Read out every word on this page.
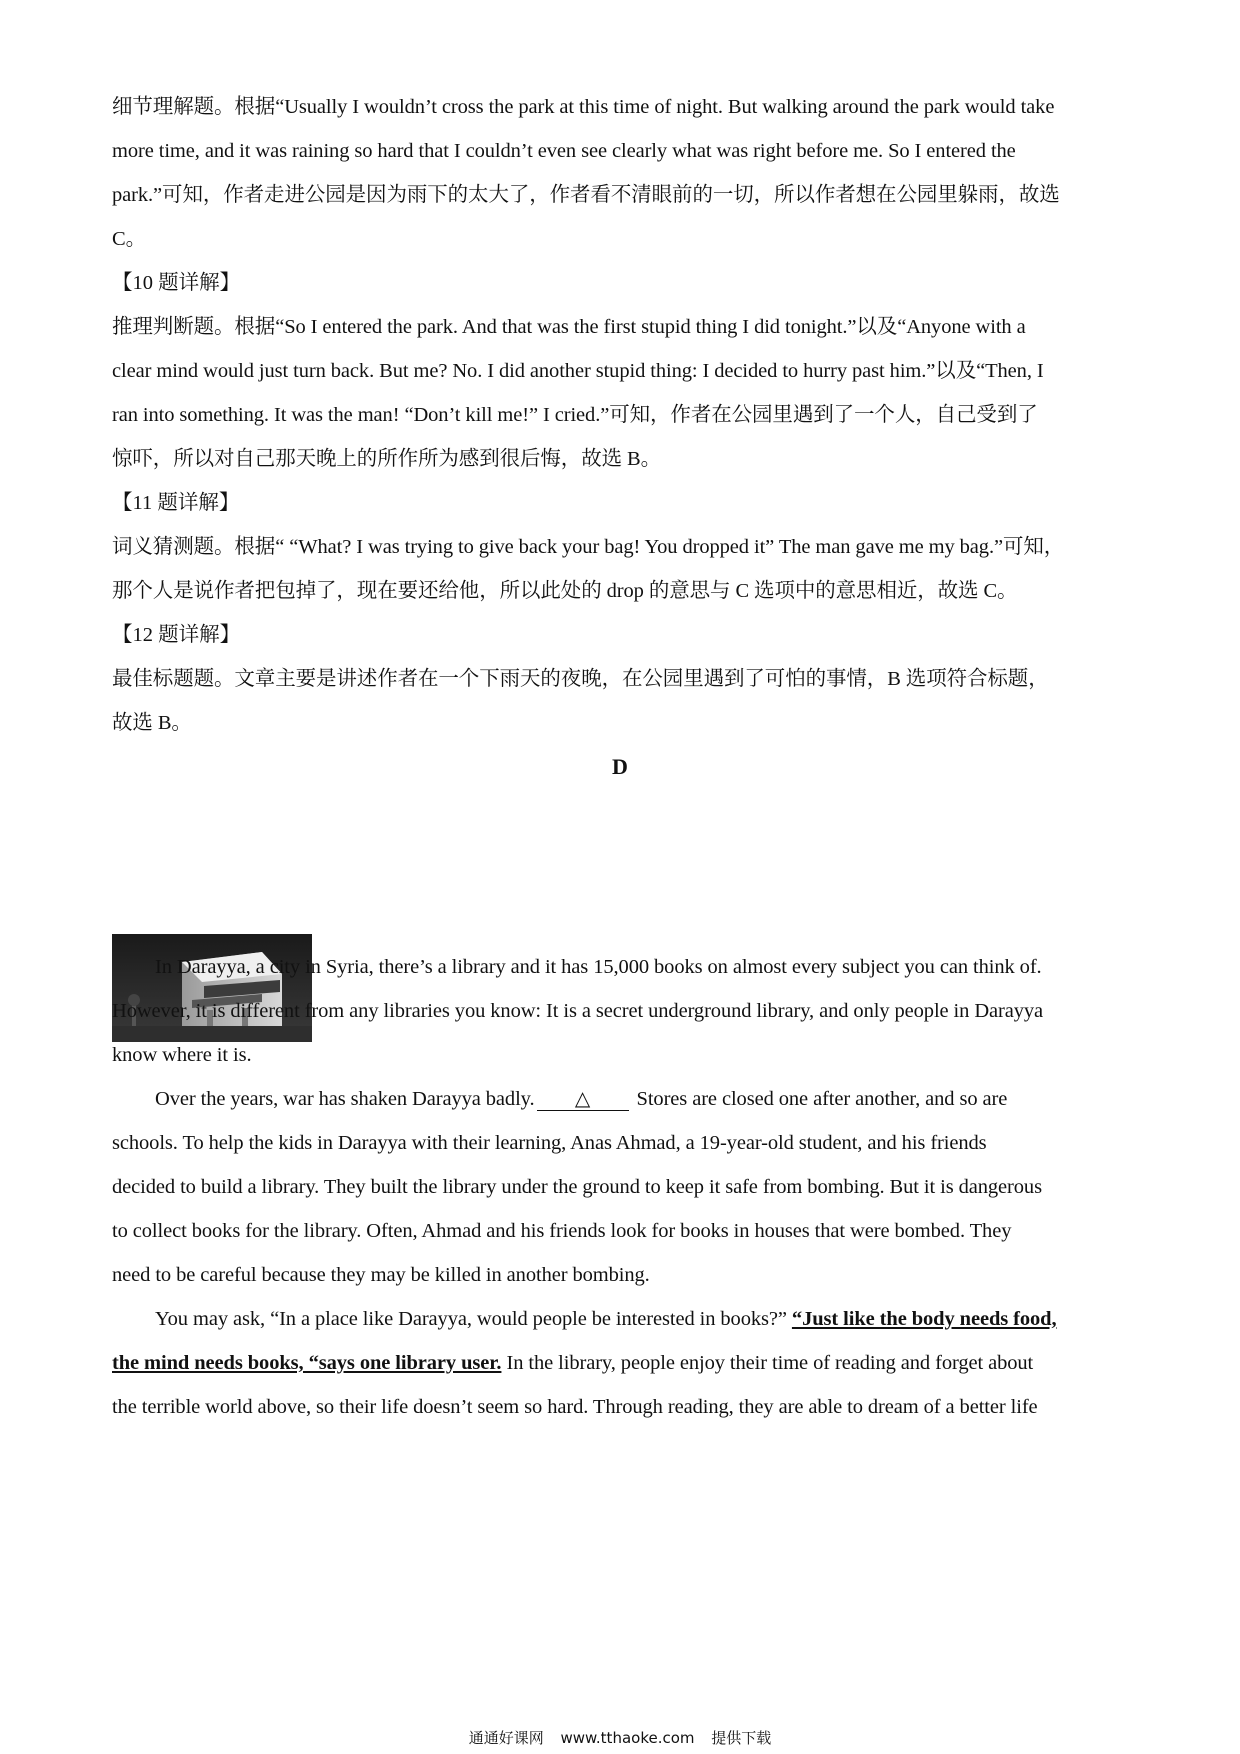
细节理解题。根据“Usually I wouldn’t cross the park at this time of night. But walking around the park would take
more time, and it was raining so hard that I couldn’t even see clearly what was right before me. So I entered the
park.”可知，作者走进公园是因为雨下的太大了，作者看不清眼前的一切，所以作者想在公园里躲雨，故选
C。
【10 题详解】
推理判断题。根据“So I entered the park. And that was the first stupid thing I did tonight.”以及“Anyone with a
clear mind would just turn back. But me? No. I did another stupid thing: I decided to hurry past him.”以及“Then, I
ran into something. It was the man! “Don’t kill me!” I cried.”可知，作者在公园里遇到了一个人，自己受到了
惊吓，所以对自己那天晚上的所作所为感到很后悔，故选 B。
【11 题详解】
词义猜测题。根据“ “What? I was trying to give back your bag! You dropped it” The man gave me my bag.”可知，
那个人是说作者把包掉了，现在要还给他，所以此处的 drop 的意思与 C 选项中的意思相近，故选 C。
【12 题详解】
最佳标题题。文章主要是讲述作者在一个下雨天的夜晚，在公园里遇到了可怕的事情，B 选项符合标题，
故选 B。
D
In Darayya, a city in Syria, there’s a library and it has 15,000 books on almost every subject you can think of.
However, it is different from any libraries you know: It is a secret underground library, and only people in Darayya
know where it is.
Over the years, war has shaken Darayya badly. △ Stores are closed one after another, and so are
schools. To help the kids in Darayya with their learning, Anas Ahmad, a 19-year-old student, and his friends
decided to build a library. They built the library under the ground to keep it safe from bombing. But it is dangerous
to collect books for the library. Often, Ahmad and his friends look for books in houses that were bombed. They
need to be careful because they may be killed in another bombing.
You may ask, “In a place like Darayya, would people be interested in books?” “Just like the body needs food,
the mind needs books, “says one library user. In the library, people enjoy their time of reading and forget about
the terrible world above, so their life doesn’t seem so hard. Through reading, they are able to dream of a better life
通通好课网 www.tthaoke.com 提供下载
